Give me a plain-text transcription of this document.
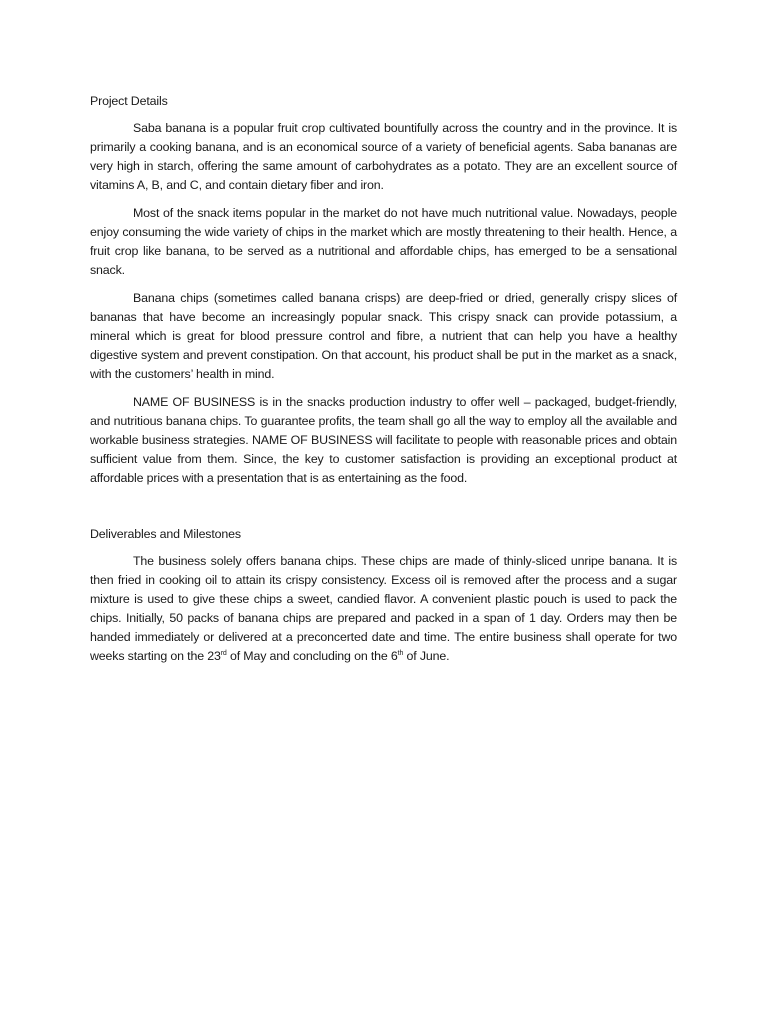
Project Details

Saba banana is a popular fruit crop cultivated bountifully across the country and in the province. It is primarily a cooking banana, and is an economical source of a variety of beneficial agents. Saba bananas are very high in starch, offering the same amount of carbohydrates as a potato. They are an excellent source of vitamins A, B, and C, and contain dietary fiber and iron.

Most of the snack items popular in the market do not have much nutritional value. Nowadays, people enjoy consuming the wide variety of chips in the market which are mostly threatening to their health. Hence, a fruit crop like banana, to be served as a nutritional and affordable chips, has emerged to be a sensational snack.

Banana chips (sometimes called banana crisps) are deep-fried or dried, generally crispy slices of bananas that have become an increasingly popular snack. This crispy snack can provide potassium, a mineral which is great for blood pressure control and fibre, a nutrient that can help you have a healthy digestive system and prevent constipation. On that account, his product shall be put in the market as a snack, with the customers’ health in mind.

NAME OF BUSINESS is in the snacks production industry to offer well – packaged, budget-friendly, and nutritious banana chips. To guarantee profits, the team shall go all the way to employ all the available and workable business strategies. NAME OF BUSINESS will facilitate to people with reasonable prices and obtain sufficient value from them. Since, the key to customer satisfaction is providing an exceptional product at affordable prices with a presentation that is as entertaining as the food.

Deliverables and Milestones

The business solely offers banana chips. These chips are made of thinly-sliced unripe banana. It is then fried in cooking oil to attain its crispy consistency. Excess oil is removed after the process and a sugar mixture is used to give these chips a sweet, candied flavor. A convenient plastic pouch is used to pack the chips. Initially, 50 packs of banana chips are prepared and packed in a span of 1 day. Orders may then be handed immediately or delivered at a preconcerted date and time. The entire business shall operate for two weeks starting on the 23rd of May and concluding on the 6th of June.
